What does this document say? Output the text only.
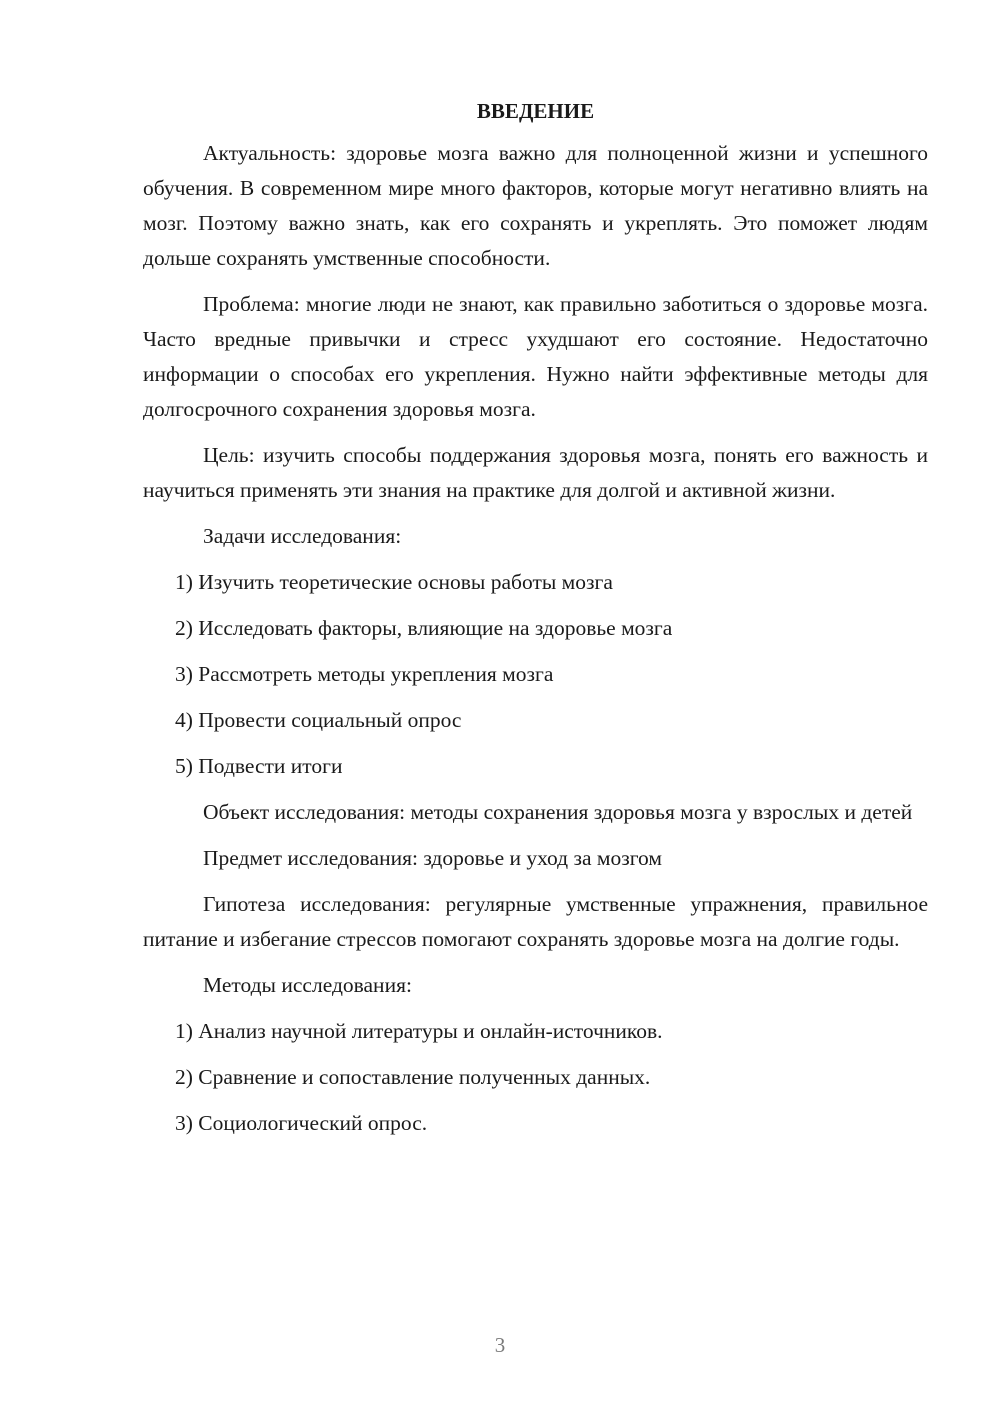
ВВЕДЕНИЕ

Актуальность: здоровье мозга важно для полноценной жизни и успешного обучения. В современном мире много факторов, которые могут негативно влиять на мозг. Поэтому важно знать, как его сохранять и укреплять. Это поможет людям дольше сохранять умственные способности.

Проблема: многие люди не знают, как правильно заботиться о здоровье мозга. Часто вредные привычки и стресс ухудшают его состояние. Недостаточно информации о способах его укрепления. Нужно найти эффективные методы для долгосрочного сохранения здоровья мозга.

Цель: изучить способы поддержания здоровья мозга, понять его важность и научиться применять эти знания на практике для долгой и активной жизни.

Задачи исследования:

1) Изучить теоретические основы работы мозга

2) Исследовать факторы, влияющие на здоровье мозга

3) Рассмотреть методы укрепления мозга

4) Провести социальный опрос

5) Подвести итоги

Объект исследования: методы сохранения здоровья мозга у взрослых и детей

Предмет исследования: здоровье и уход за мозгом

Гипотеза исследования: регулярные умственные упражнения, правильное питание и избегание стрессов помогают сохранять здоровье мозга на долгие годы.

Методы исследования:

1) Анализ научной литературы и онлайн-источников.

2) Сравнение и сопоставление полученных данных.

3) Социологический опрос.

3
